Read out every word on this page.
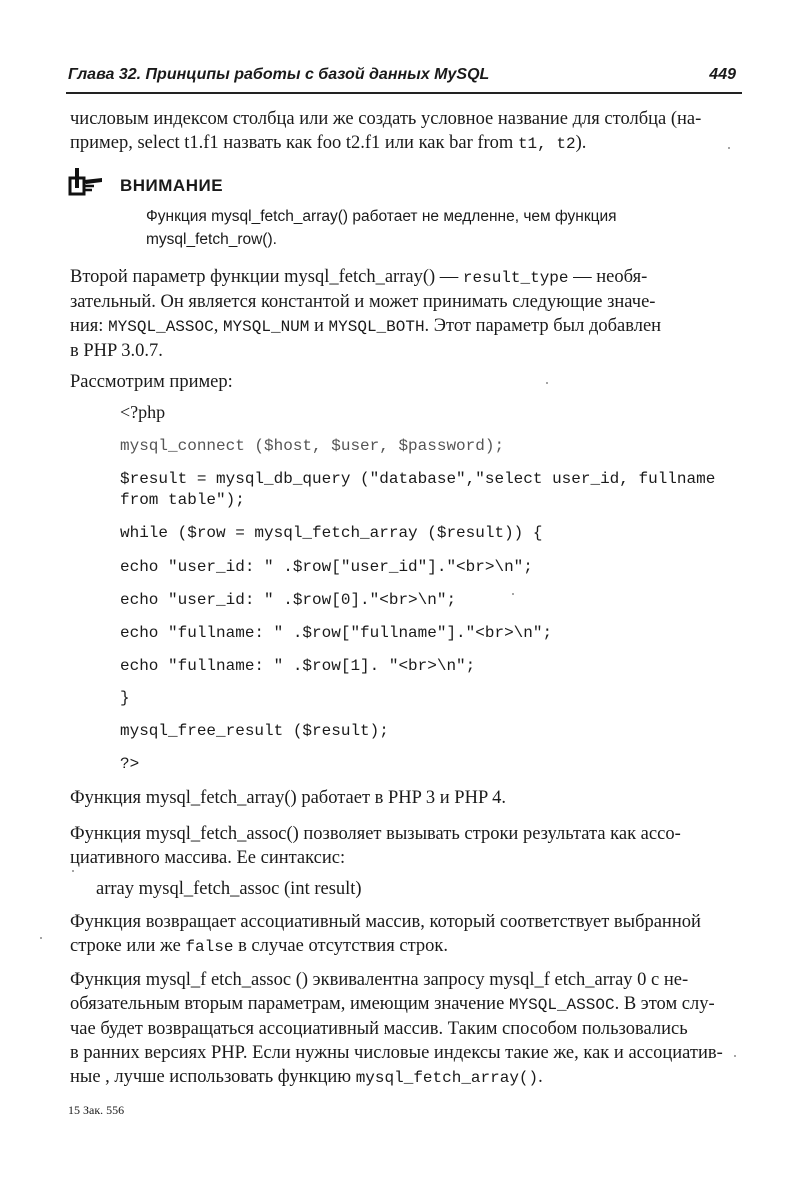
Глава 32. Принципы работы с базой данных MySQL	449
числовым индексом столбца или же создать условное название для столбца (на-
пример, select t1.f1 назвать как foo t2.f1 или как bar from t1, t2).
ВНИМАНИЕ
Функция mysql_fetch_array() работает не медленне, чем функция
mysql_fetch_row().
Второй параметр функции mysql_fetch_array() — result_type — необя-
зательный. Он является константой и может принимать следующие значе-
ния: MYSQL_ASSOC, MYSQL_NUM и MYSQL_BOTH. Этот параметр был добавлен
в PHP 3.0.7.
Рассмотрим пример:
<?php
mysql_connect ($host, $user, $password);
$result = mysql_db_query ("database","select user_id, fullname
from table");
while ($row = mysql_fetch_array ($result)) {
echo "user_id: " .$row["user_id"]."<br>\n";
echo "user_id: " .$row[0]."<br>\n";
echo "fullname: " .$row["fullname"]."<br>\n";
echo "fullname: " .$row[1]. "<br>\n";
}
mysql_free_result ($result);
?>
Функция mysql_fetch_array() работает в PHP 3 и PHP 4.
Функция mysql_fetch_assoc() позволяет вызывать строки результата как ассо-
циативного массива. Ее синтаксис:
array mysql_fetch_assoc (int result)
Функция возвращает ассоциативный массив, который соответствует выбранной
строке или же false в случае отсутствия строк.
Функция mysql_f etch_assoc () эквивалентна запросу mysql_f etch_array 0 с не-
обязательным вторым параметрам, имеющим значение MYSQL_ASSOC. В этом слу-
чае будет возвращаться ассоциативный массив. Таким способом пользовались
в ранних версиях PHP. Если нужны числовые индексы такие же, как и ассоциатив-
ные , лучше использовать функцию mysql_fetch_array().
15 Зак. 556
